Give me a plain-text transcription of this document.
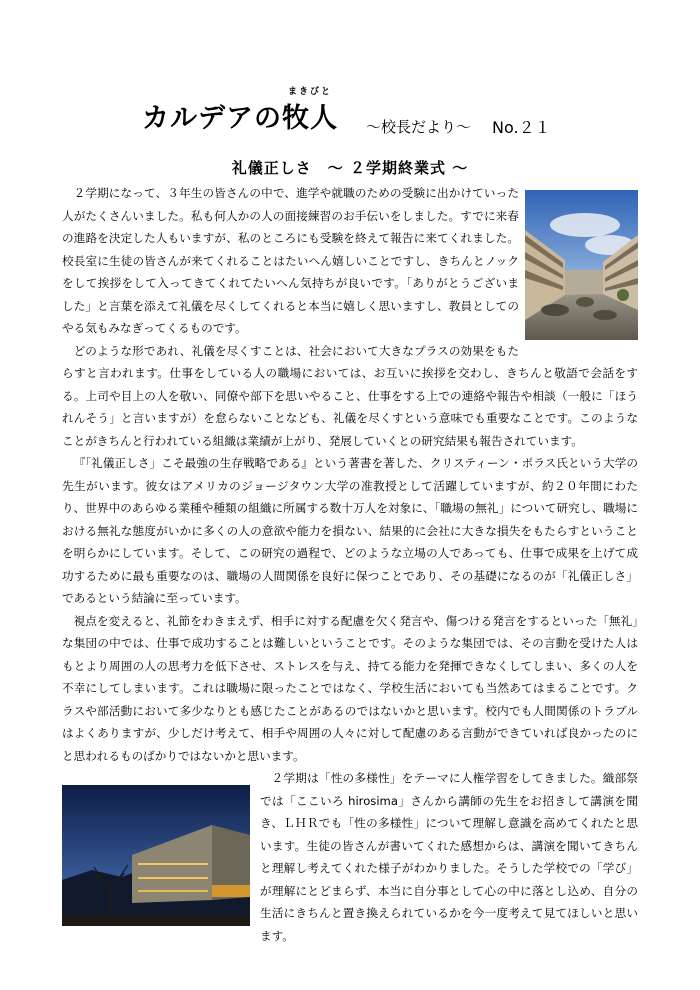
カルデアの
まきびと
牧人 ～校長だより～ No.２１
礼儀正しさ　～ ２学期終業式 ～

２学期になって、３年生の皆さんの中で、進学や就職のための受験に出かけていった人がたくさんいました。私も何人かの人の面接練習のお手伝いをしました。すでに来春の進路を決定した人もいますが、私のところにも受験を終えて報告に来てくれました。校長室に生徒の皆さんが来てくれることはたいへん嬉しいことですし、きちんとノックをして挨拶をして入ってきてくれてたいへん気持ちが良いです。「ありがとうございました」と言葉を添えて礼儀を尽くしてくれると本当に嬉しく思いますし、教員としてのやる気もみなぎってくるものです。

どのような形であれ、礼儀を尽くすことは、社会において大きなプラスの効果をもたらすと言われます。仕事をしている人の職場においては、お互いに挨拶を交わし、きちんと敬語で会話をする。上司や目上の人を敬い、同僚や部下を思いやること、仕事をする上での連絡や報告や相談（一般に「ほうれんそう」と言いますが）を怠らないことなども、礼儀を尽くすという意味でも重要なことです。このようなことがきちんと行われている組織は業績が上がり、発展していくとの研究結果も報告されています。

『「礼儀正しさ」こそ最強の生存戦略である』という著書を著した、クリスティーン・ポラス氏という大学の先生がいます。彼女はアメリカのジョージタウン大学の准教授として活躍していますが、約２０年間にわたり、世界中のあらゆる業種や種類の組織に所属する数十万人を対象に、「職場の無礼」について研究し、職場における無礼な態度がいかに多くの人の意欲や能力を損ない、結果的に会社に大きな損失をもたらすということを明らかにしています。そして、この研究の過程で、どのような立場の人であっても、仕事で成果を上げて成功するために最も重要なのは、職場の人間関係を良好に保つことであり、その基礎になるのが「礼儀正しさ」であるという結論に至っています。

視点を変えると、礼節をわきまえず、相手に対する配慮を欠く発言や、傷つける発言をするといった「無礼」な集団の中では、仕事で成功することは難しいということです。そのような集団では、その言動を受けた人はもとより周囲の人の思考力を低下させ、ストレスを与え、持てる能力を発揮できなくしてしまい、多くの人を不幸にしてしまいます。これは職場に限ったことではなく、学校生活においても当然あてはまることです。クラスや部活動において多少なりとも感じたことがあるのではないかと思います。校内でも人間関係のトラブルはよくありますが、少しだけ考えて、相手や周囲の人々に対して配慮のある言動ができていれば良かったのにと思われるものばかりではないかと思います。

２学期は「性の多様性」をテーマに人権学習をしてきました。織部祭では「ここいろ hirosima」さんから講師の先生をお招きして講演を聞き、ＬＨＲでも「性の多様性」について理解し意識を高めてくれたと思います。生徒の皆さんが書いてくれた感想からは、講演を聞いてきちんと理解し考えてくれた様子がわかりました。そうした学校での「学び」が理解にとどまらず、本当に自分事として心の中に落とし込め、自分の生活にきちんと置き換えられているかを今一度考えて見てほしいと思います。
